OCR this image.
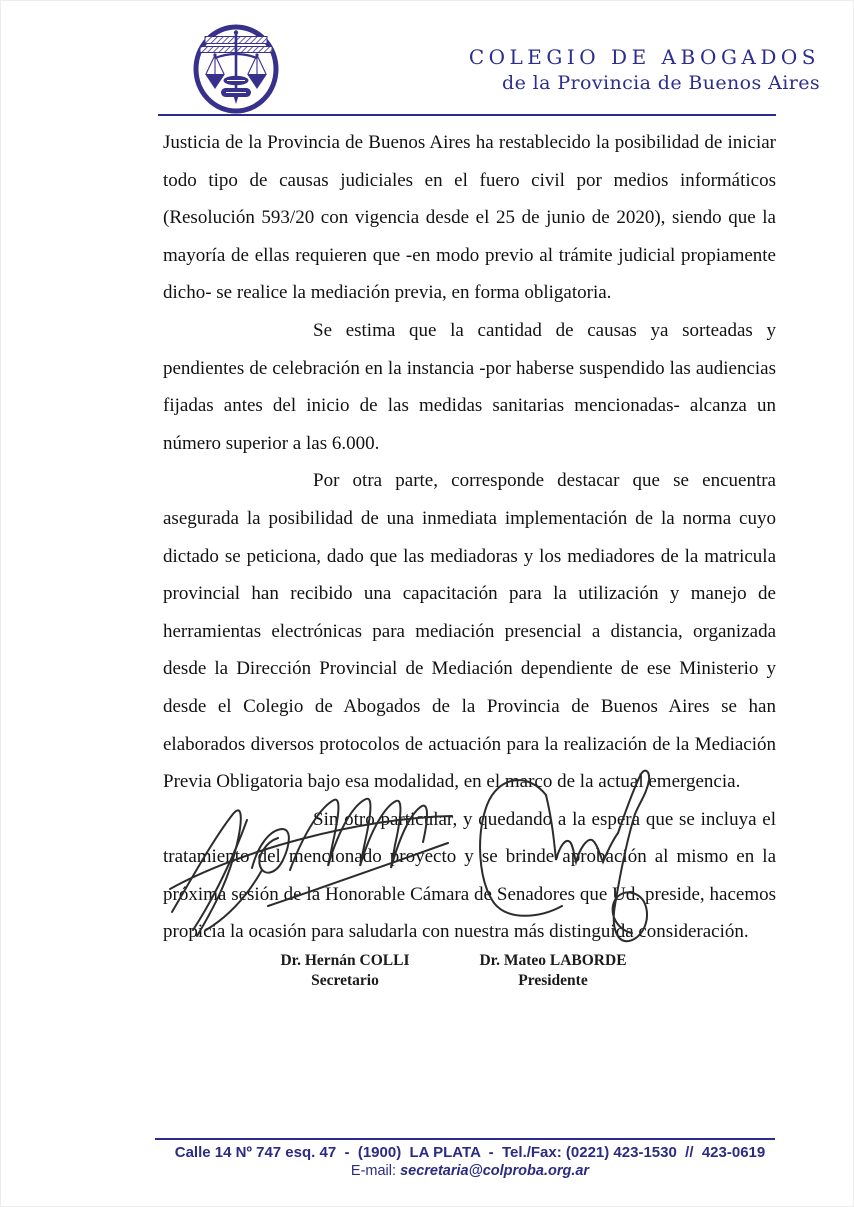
COLEGIO DE ABOGADOS
de la Provincia de Buenos Aires

Justicia de la Provincia de Buenos Aires ha restablecido la posibilidad de iniciar todo tipo de causas judiciales en el fuero civil por medios informáticos (Resolución 593/20 con vigencia desde el 25 de junio de 2020), siendo que la mayoría de ellas requieren que -en modo previo al trámite judicial propiamente dicho- se realice la mediación previa, en forma obligatoria.

Se estima que la cantidad de causas ya sorteadas y pendientes de celebración en la instancia -por haberse suspendido las audiencias fijadas antes del inicio de las medidas sanitarias mencionadas- alcanza un número superior a las 6.000.

Por otra parte, corresponde destacar que se encuentra asegurada la posibilidad de una inmediata implementación de la norma cuyo dictado se peticiona, dado que las mediadoras y los mediadores de la matricula provincial han recibido una capacitación para la utilización y manejo de herramientas electrónicas para mediación presencial a distancia, organizada desde la Dirección Provincial de Mediación dependiente de ese Ministerio y desde el Colegio de Abogados de la Provincia de Buenos Aires se han elaborados diversos protocolos de actuación para la realización de la Mediación Previa Obligatoria bajo esa modalidad, en el marco de la actual emergencia.

Sin otro particular, y quedando a la espera que se incluya el tratamiento del mencionado proyecto y se brinde aprobación al mismo en la próxima sesión de la Honorable Cámara de Senadores que Ud. preside, hacemos propicia la ocasión para saludarla con nuestra más distinguida consideración.

Dr. Hernán COLLI
Secretario
Dr. Mateo LABORDE
Presidente
Calle 14 Nº 747 esq. 47  -  (1900)  LA PLATA  -  Tel./Fax: (0221) 423-1530  //  423-0619
E-mail: secretaria@colproba.org.ar
